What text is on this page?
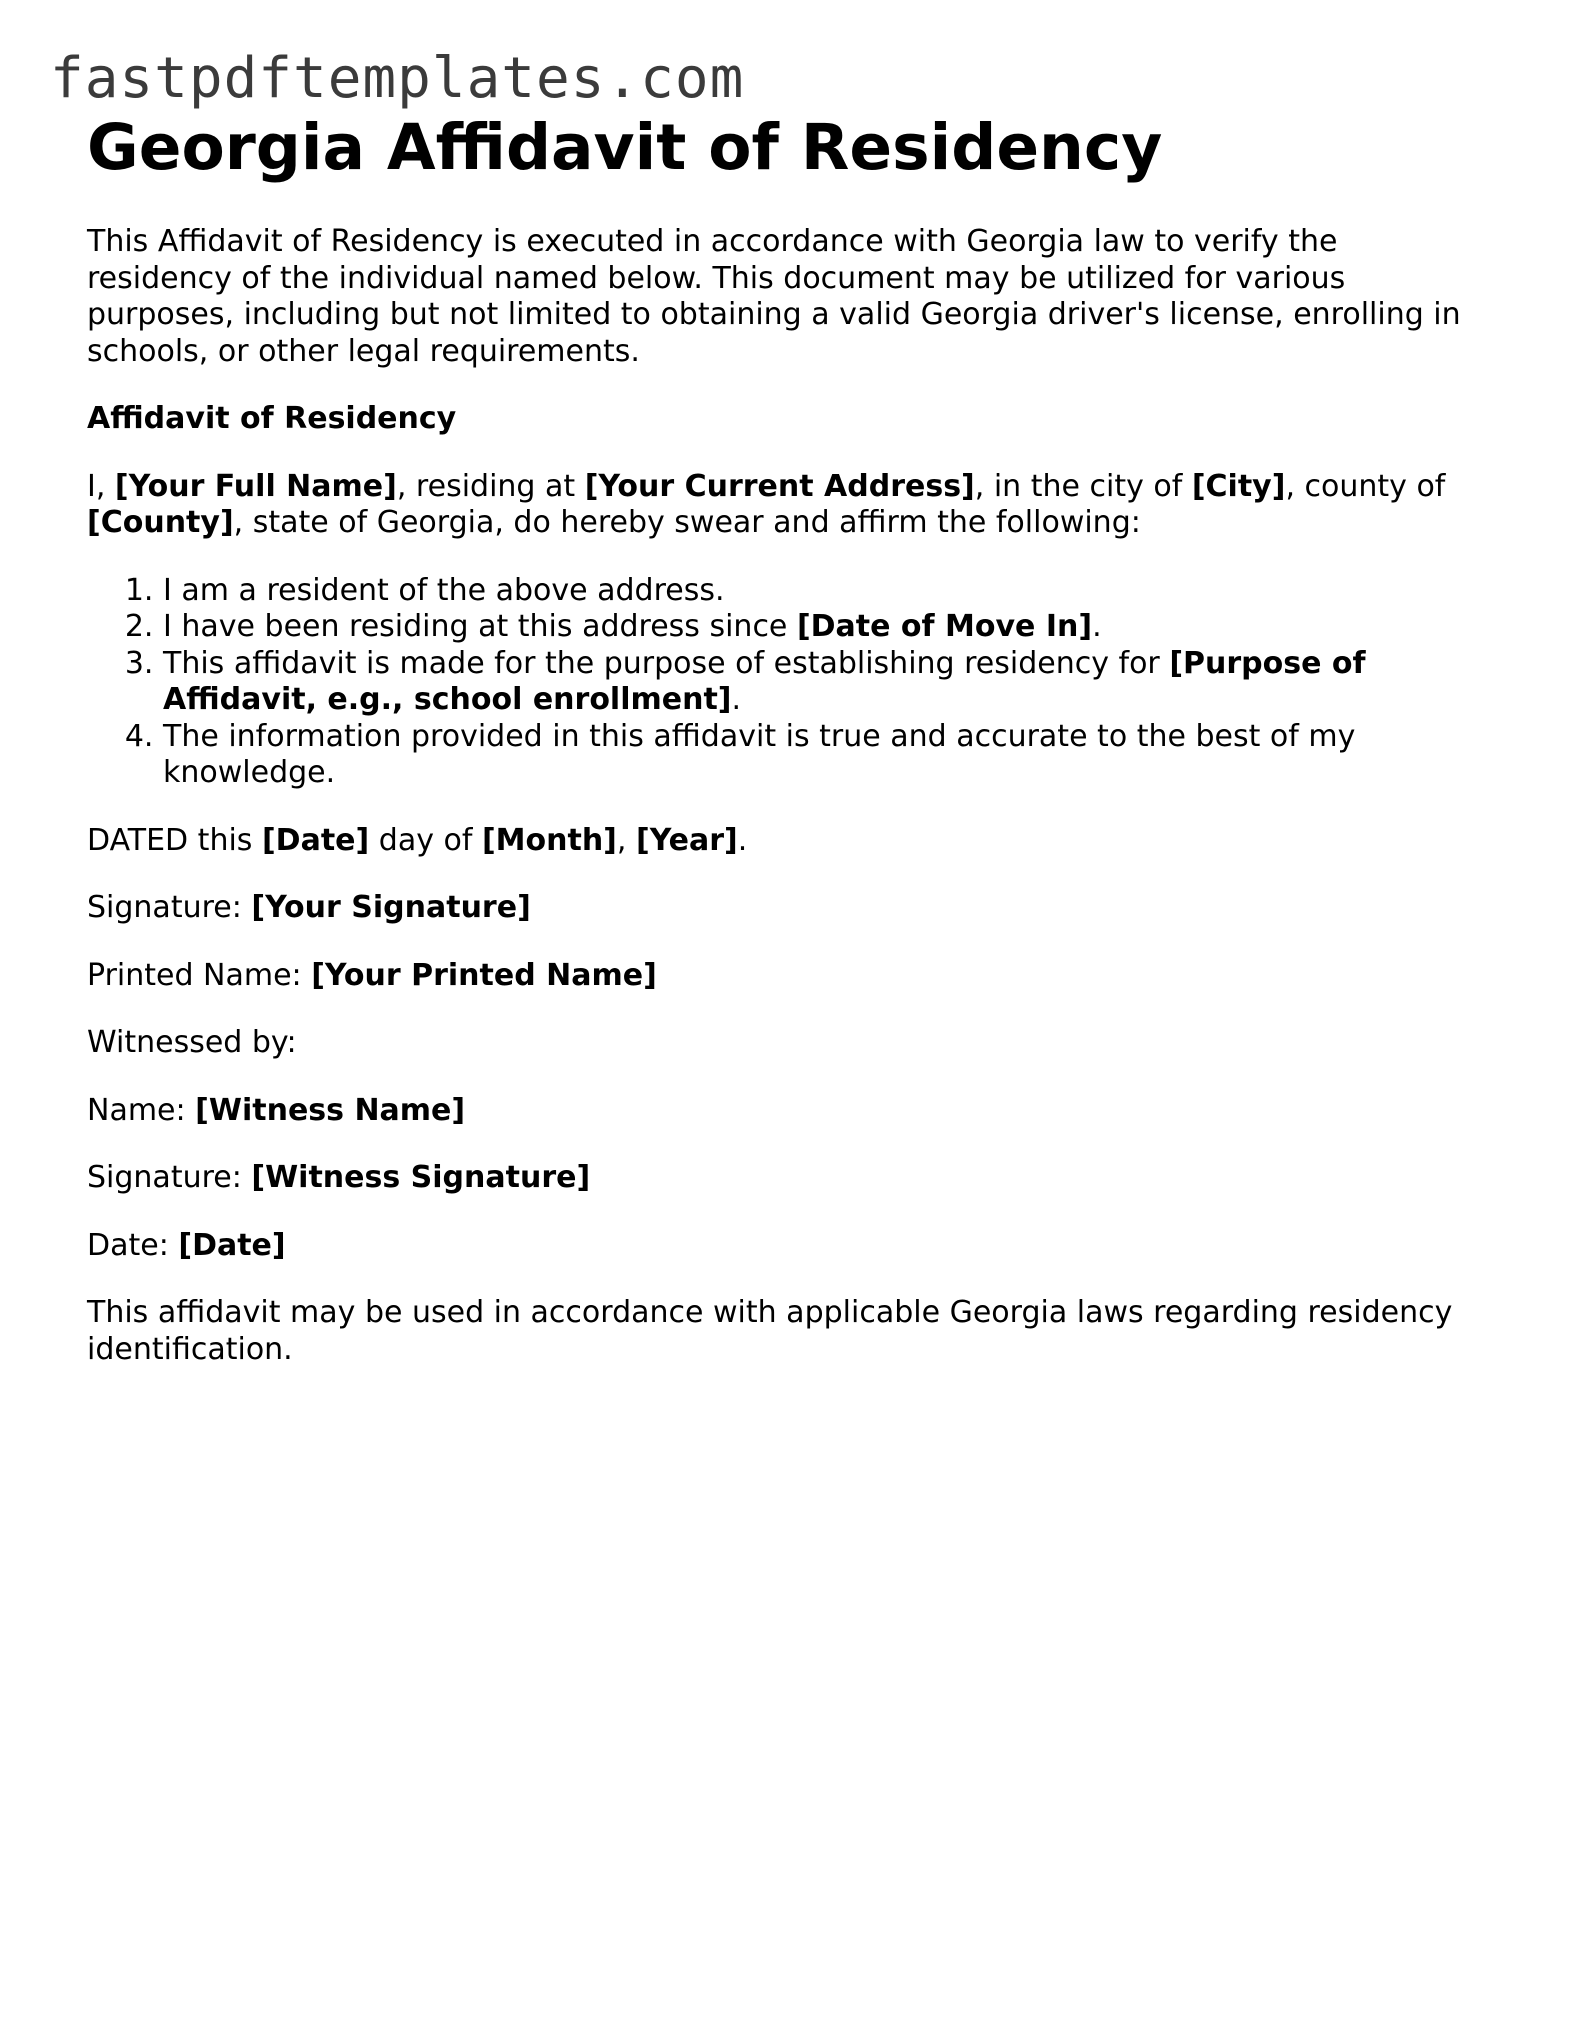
fastpdftemplates.com
Georgia Affidavit of Residency

This Affidavit of Residency is executed in accordance with Georgia law to verify the residency of the individual named below. This document may be utilized for various purposes, including but not limited to obtaining a valid Georgia driver's license, enrolling in schools, or other legal requirements.

Affidavit of Residency

I, [Your Full Name], residing at [Your Current Address], in the city of [City], county of [County], state of Georgia, do hereby swear and affirm the following:

1. I am a resident of the above address.
2. I have been residing at this address since [Date of Move In].
3. This affidavit is made for the purpose of establishing residency for [Purpose of Affidavit, e.g., school enrollment].
4. The information provided in this affidavit is true and accurate to the best of my knowledge.

DATED this [Date] day of [Month], [Year].

Signature: [Your Signature]

Printed Name: [Your Printed Name]

Witnessed by:

Name: [Witness Name]

Signature: [Witness Signature]

Date: [Date]

This affidavit may be used in accordance with applicable Georgia laws regarding residency identification.
